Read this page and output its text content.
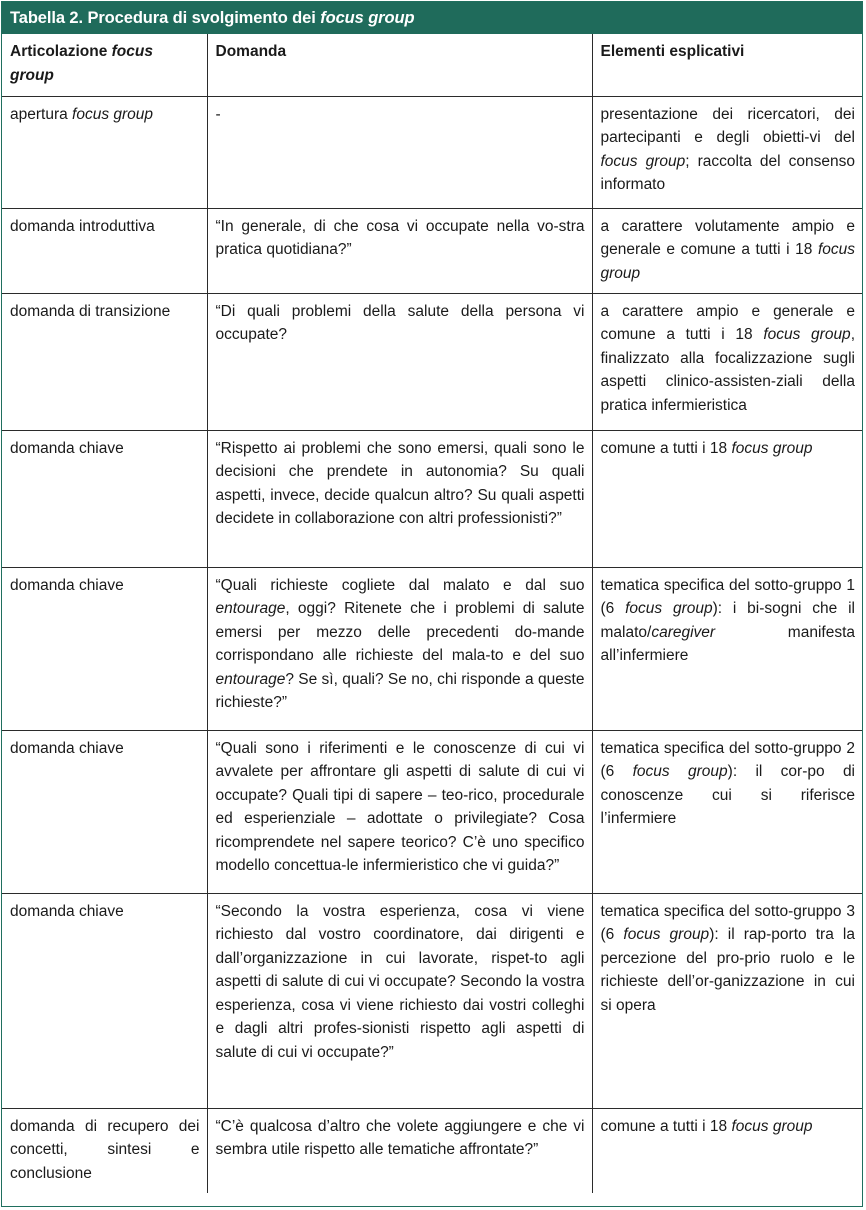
Tabella 2. Procedura di svolgimento dei focus group
Articolazione focus group	Domanda	Elementi esplicativi
apertura focus group	-	presentazione dei ricercatori, dei partecipanti e degli obietti-vi del focus group; raccolta del consenso informato
domanda introduttiva	“In generale, di che cosa vi occupate nella vo-stra pratica quotidiana?”	a carattere volutamente ampio e generale e comune a tutti i 18 focus group
domanda di transizione	“Di quali problemi della salute della persona vi occupate?	a carattere ampio e generale e comune a tutti i 18 focus group, finalizzato alla focalizzazione sugli aspetti clinico-assisten-ziali della pratica infermieristica
domanda chiave	“Rispetto ai problemi che sono emersi, quali sono le decisioni che prendete in autonomia? Su quali aspetti, invece, decide qualcun altro? Su quali aspetti decidete in collaborazione con altri professionisti?”	comune a tutti i 18 focus group
domanda chiave	“Quali richieste cogliete dal malato e dal suo entourage, oggi? Ritenete che i problemi di salute emersi per mezzo delle precedenti do-mande corrispondano alle richieste del mala-to e del suo entourage? Se sì, quali? Se no, chi risponde a queste richieste?”	tematica specifica del sotto-gruppo 1 (6 focus group): i bi-sogni che il malato/caregiver manifesta all’infermiere
domanda chiave	“Quali sono i riferimenti e le conoscenze di cui vi avvalete per affrontare gli aspetti di salute di cui vi occupate? Quali tipi di sapere – teo-rico, procedurale ed esperienziale – adottate o privilegiate? Cosa ricomprendete nel sapere teorico? C’è uno specifico modello concettua-le infermieristico che vi guida?”	tematica specifica del sotto-gruppo 2 (6 focus group): il cor-po di conoscenze cui si riferisce l’infermiere
domanda chiave	“Secondo la vostra esperienza, cosa vi viene richiesto dal vostro coordinatore, dai dirigenti e dall’organizzazione in cui lavorate, rispet-to agli aspetti di salute di cui vi occupate? Secondo la vostra esperienza, cosa vi viene richiesto dai vostri colleghi e dagli altri profes-sionisti rispetto agli aspetti di salute di cui vi occupate?”	tematica specifica del sotto-gruppo 3 (6 focus group): il rap-porto tra la percezione del pro-prio ruolo e le richieste dell’or-ganizzazione in cui si opera
domanda di recupero dei concetti, sintesi e conclusione	“C’è qualcosa d’altro che volete aggiungere e che vi sembra utile rispetto alle tematiche affrontate?”	comune a tutti i 18 focus group
